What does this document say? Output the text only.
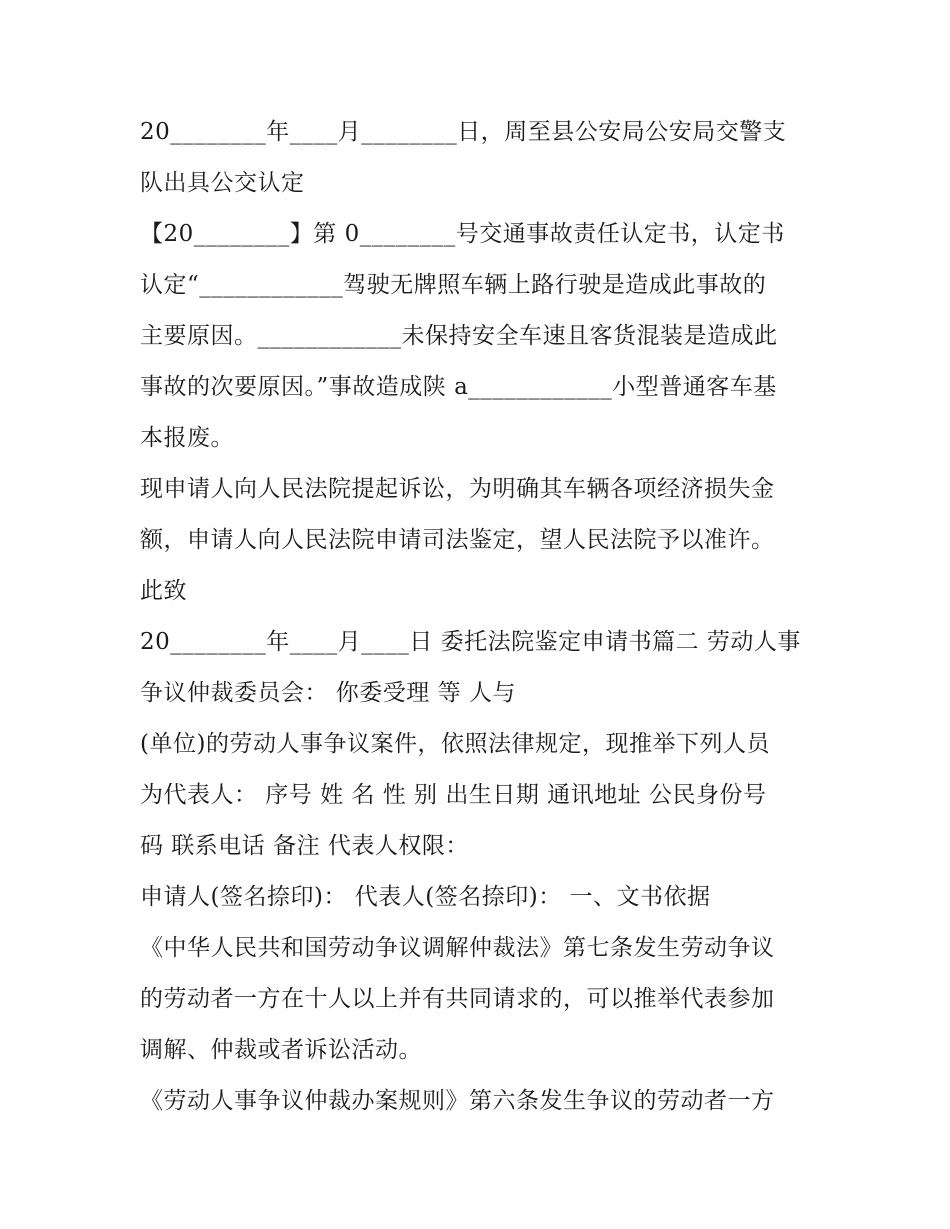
20________年____月________日，周至县公安局公安局交警支
队出具公交认定
【20________】第 0________号交通事故责任认定书，认定书
认定“____________驾驶无牌照车辆上路行驶是造成此事故的
主要原因。____________未保持安全车速且客货混装是造成此
事故的次要原因。”事故造成陕 a____________小型普通客车基
本报废。
现申请人向人民法院提起诉讼，为明确其车辆各项经济损失金
额，申请人向人民法院申请司法鉴定，望人民法院予以准许。
此致
20________年____月____日 委托法院鉴定申请书篇二 劳动人事
争议仲裁委员会： 你委受理 等 人与
(单位)的劳动人事争议案件，依照法律规定，现推举下列人员
为代表人： 序号 姓 名 性 别 出生日期 通讯地址 公民身份号
码 联系电话 备注 代表人权限：
申请人(签名捺印)： 代表人(签名捺印)： 一、文书依据
《中华人民共和国劳动争议调解仲裁法》第七条发生劳动争议
的劳动者一方在十人以上并有共同请求的，可以推举代表参加
调解、仲裁或者诉讼活动。
《劳动人事争议仲裁办案规则》第六条发生争议的劳动者一方
